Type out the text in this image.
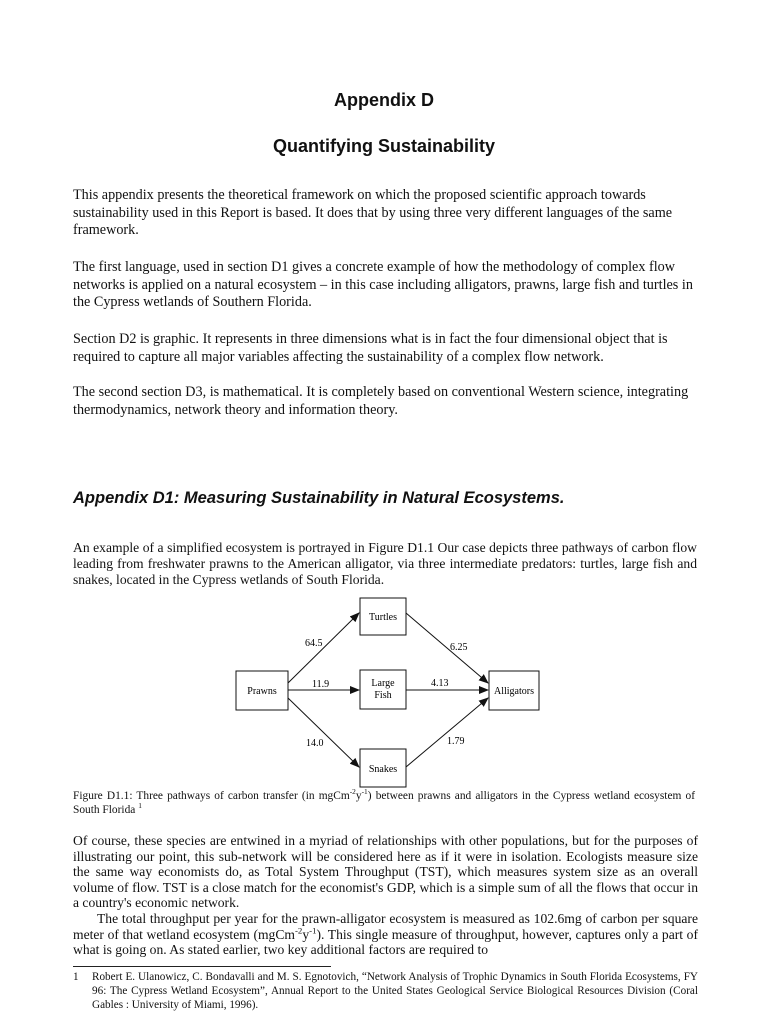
Appendix D
Quantifying Sustainability

This appendix presents the theoretical framework on which the proposed scientific approach towards sustainability used in this Report is based. It does that by using three very different languages of the same framework.

The first language, used in section D1 gives a concrete example of how the methodology of complex flow networks is applied on a natural ecosystem – in this case including alligators, prawns, large fish and turtles in the Cypress wetlands of Southern Florida.

Section D2 is graphic. It represents in three dimensions what is in fact the four dimensional object that is required to capture all major variables affecting the sustainability of a complex flow network.

The second section D3, is mathematical. It is completely based on conventional Western science, integrating thermodynamics, network theory and information theory.

Appendix D1: Measuring Sustainability in Natural Ecosystems.

An example of a simplified ecosystem is portrayed in Figure D1.1 Our case depicts three pathways of carbon flow leading from freshwater prawns to the American alligator, via three intermediate predators: turtles, large fish and snakes, located in the Cypress wetlands of South Florida.

Prawns
Turtles
Large
Fish
Snakes
Alligators
64.5
11.9
14.0
6.25
4.13
1.79
Figure D1.1: Three pathways of carbon transfer (in $mgCm^{-2}y^{-1}$) between prawns and alligators in the Cypress wetland ecosystem of South Florida $^1$

Of course, these species are entwined in a myriad of relationships with other populations, but for the purposes of illustrating our point, this sub-network will be considered here as if it were in isolation. Ecologists measure size the same way economists do, as Total System Throughput (TST), which measures system size as an overall volume of flow. TST is a close match for the economist's GDP, which is a simple sum of all the flows that occur in a country's economic network.

The total throughput per year for the prawn-alligator ecosystem is measured as 102.6mg of carbon per square meter of that wetland ecosystem $(mgCm^{-2}y^{-1})$. This single measure of throughput, however, captures only a part of what is going on. As stated earlier, two key additional factors are required to

1	Robert E. Ulanowicz, C. Bondavalli and M. S. Egnotovich, “Network Analysis of Trophic Dynamics in South Florida Ecosystems, FY 96: The Cypress Wetland Ecosystem”, Annual Report to the United States Geological Service Biological Resources Division (Coral Gables : University of Miami, 1996).
